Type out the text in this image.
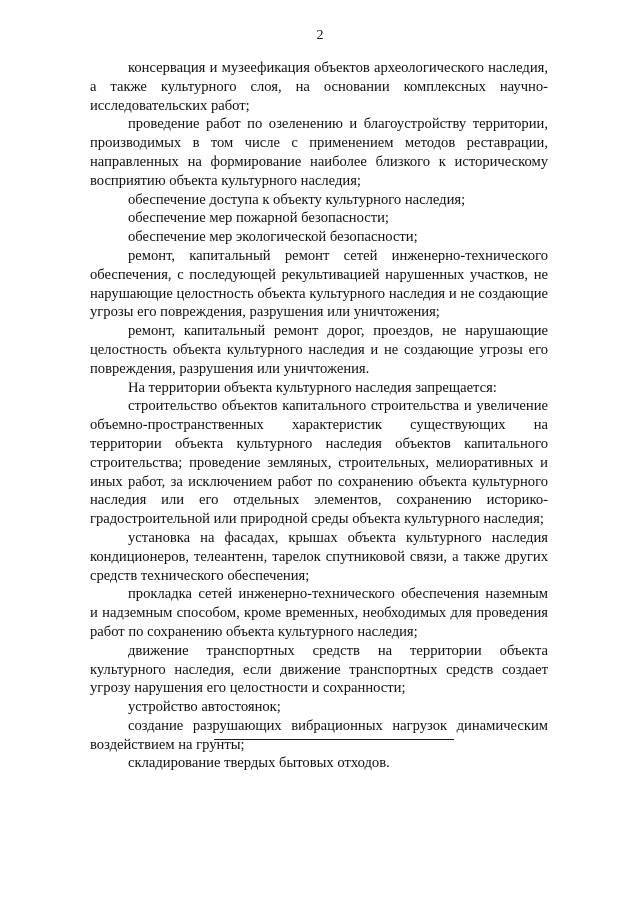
2

консервация и музеефикация объектов археологического наследия, а также культурного слоя, на основании комплексных научно-исследовательских работ;

проведение работ по озеленению и благоустройству территории, производимых в том числе с применением методов реставрации, направленных на формирование наиболее близкого к историческому восприятию объекта культурного наследия;

обеспечение доступа к объекту культурного наследия;

обеспечение мер пожарной безопасности;

обеспечение мер экологической безопасности;

ремонт, капитальный ремонт сетей инженерно-технического обеспечения, с последующей рекультивацией нарушенных участков, не нарушающие целостность объекта культурного наследия и не создающие угрозы его повреждения, разрушения или уничтожения;

ремонт, капитальный ремонт дорог, проездов, не нарушающие целостность объекта культурного наследия и не создающие угрозы его повреждения, разрушения или уничтожения.

На территории объекта культурного наследия запрещается:

строительство объектов капитального строительства и увеличение объемно-пространственных характеристик существующих на территории объекта культурного наследия объектов капитального строительства; проведение земляных, строительных, мелиоративных и иных работ, за исключением работ по сохранению объекта культурного наследия или его отдельных элементов, сохранению историко-градостроительной или природной среды объекта культурного наследия;

установка на фасадах, крышах объекта культурного наследия кондиционеров, телеантенн, тарелок спутниковой связи, а также других средств технического обеспечения;

прокладка сетей инженерно-технического обеспечения наземным и надземным способом, кроме временных, необходимых для проведения работ по сохранению объекта культурного наследия;

движение транспортных средств на территории объекта культурного наследия, если движение транспортных средств создает угрозу нарушения его целостности и сохранности;

устройство автостоянок;

создание разрушающих вибрационных нагрузок динамическим воздействием на грунты;

складирование твердых бытовых отходов.
